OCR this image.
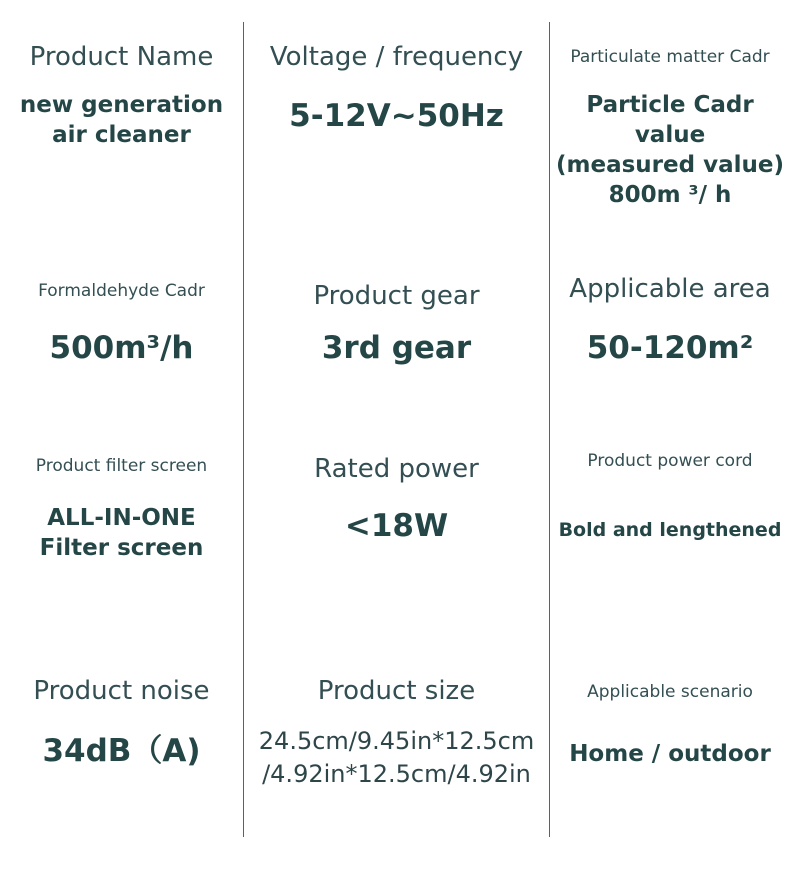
Product Name
new generation
air cleaner
Voltage / frequency
5-12V~50Hz
Particulate matter Cadr
Particle Cadr value
(measured value)
800m ³/ h
Formaldehyde Cadr
500m³/h
Product gear
3rd gear
Applicable area
50-120m²
Product filter screen
ALL-IN-ONE
Filter screen
Rated power
<18W
Product power cord
Bold and lengthened
Product noise
34dB（A)
Product size
24.5cm/9.45in*12.5cm
/4.92in*12.5cm/4.92in
Applicable scenario
Home / outdoor
